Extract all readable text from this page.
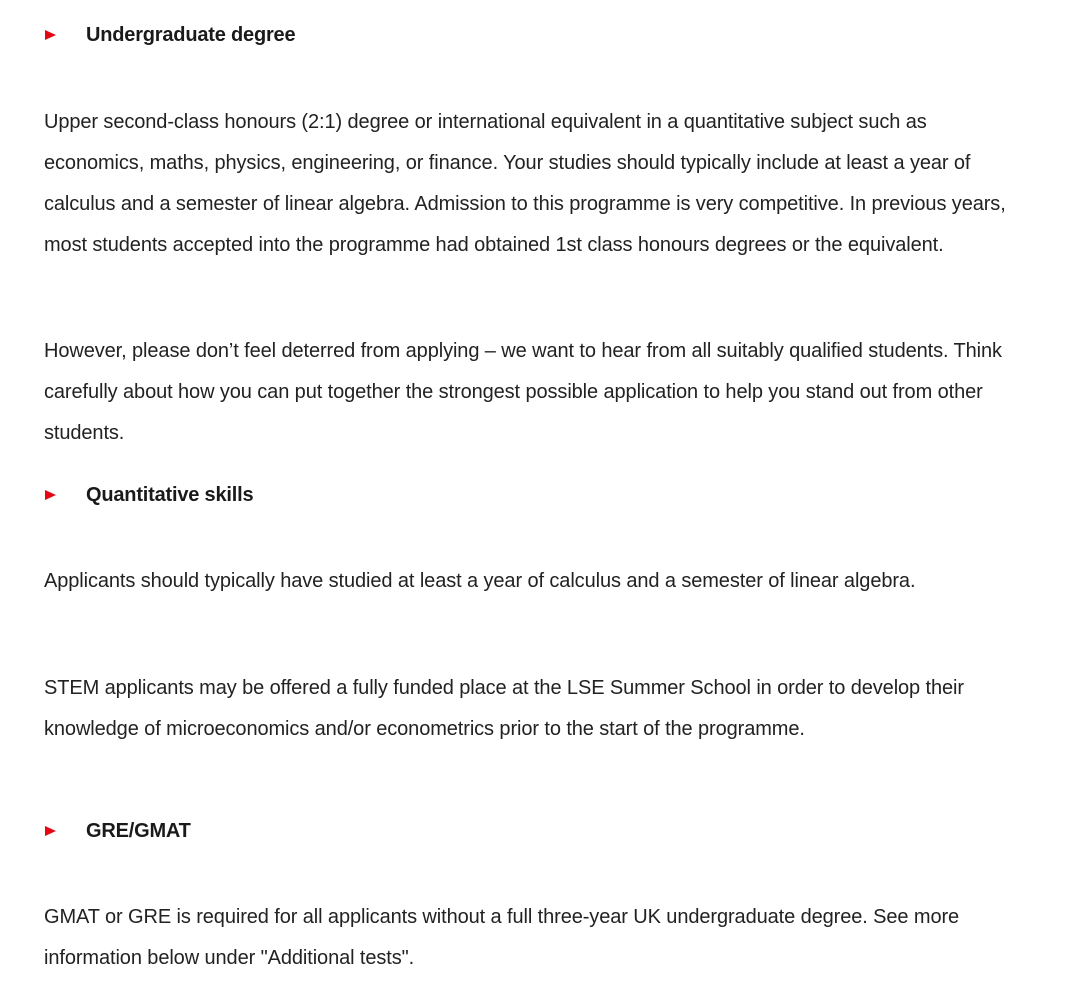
Undergraduate degree

Upper second-class honours (2:1) degree or international equivalent in a quantitative subject such as economics, maths, physics, engineering, or finance. Your studies should typically include at least a year of calculus and a semester of linear algebra. Admission to this programme is very competitive. In previous years, most students accepted into the programme had obtained 1st class honours degrees or the equivalent.

However, please don’t feel deterred from applying – we want to hear from all suitably qualified students. Think carefully about how you can put together the strongest possible application to help you stand out from other students.

Quantitative skills

Applicants should typically have studied at least a year of calculus and a semester of linear algebra.

STEM applicants may be offered a fully funded place at the LSE Summer School in order to develop their knowledge of microeconomics and/or econometrics prior to the start of the programme.

GRE/GMAT

GMAT or GRE is required for all applicants without a full three-year UK undergraduate degree. See more information below under "Additional tests".
